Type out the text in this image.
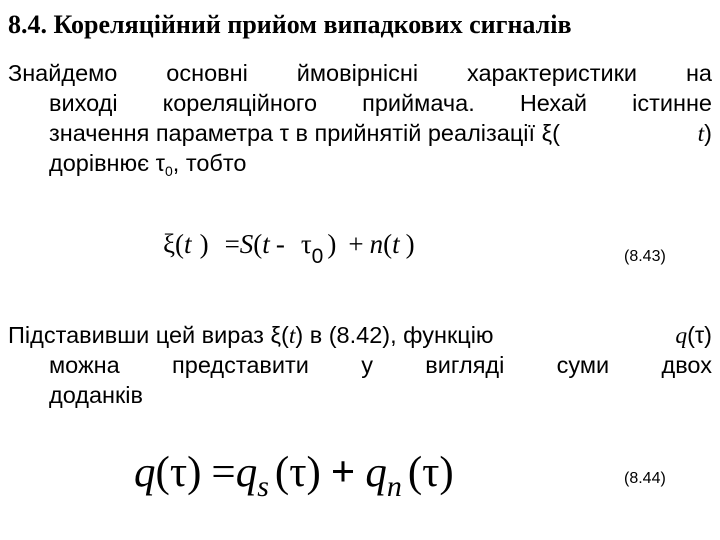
8.4. Кореляційний прийом випадкових сигналів
Знайдемо основні ймовірнісні характеристики на
виході кореляційного приймача. Нехай істинне
значення параметра τ в прийнятій реалізації ξ(	t)
дорівнює $\tau_0$, тобто
ξ(t ) $=S(t - \tau_0$ ) + n(t )	(8.43)
Підставивши цей вираз ξ(t) в (8.42), функцію	q(τ)
можна представити у вигляді суми двох
доданків
$q(\tau) =q_s$ $(\tau) + q_n$ (τ)	(8.44)
